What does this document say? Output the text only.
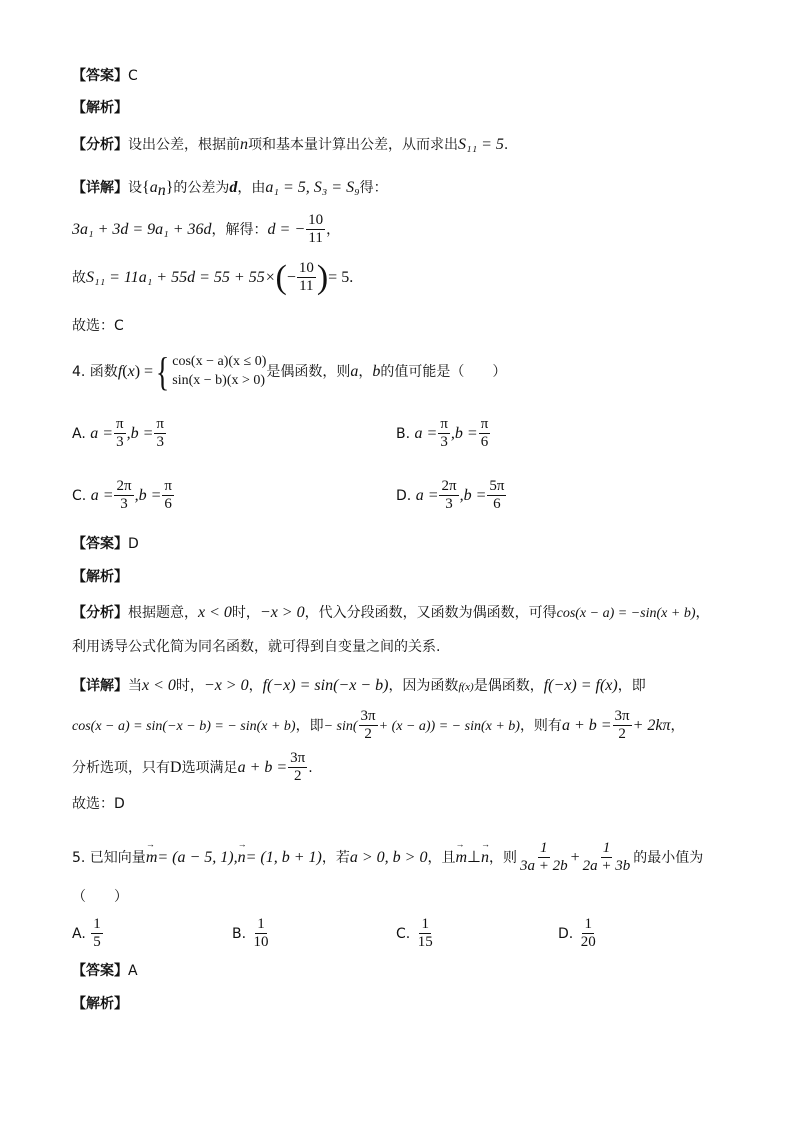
【答案】C
【解析】
【分析】设出公差，根据前n项和基本量计算出公差，从而求出S₁₁ = 5.
【详解】设$\{a_n\}$的公差为d，由a₁ = 5, S₃ = S₉得：
3a₁ + 3d = 9a₁ + 36d，解得：d = − $\frac{10}{11}$ ，
故$S_{11} = 11a_1 + 55d = 55 + 55\times(- \frac{10}{11}$ )= 5.
故选：C
4. 函数f(x) ={ cos(x − a)(x ≤ 0)
sin(x − b)(x > 0)
是偶函数，则a，b的值可能是（　　）
A. $a = \frac{\pi}{3} ,b = \frac{\pi}{3}$	B. $a = \frac{\pi}{3} ,b = \frac{\pi}{6}$
C. $a = \frac{2\pi}{3} ,b = \frac{\pi}{6}$	D. $a = \frac{2\pi}{3} ,b = \frac{5\pi}{6}$
【答案】D
【解析】
【分析】根据题意，x < 0时，−x > 0，代入分段函数，又函数为偶函数，可得cos(x − a) = −sin(x + b)，
利用诱导公式化简为同名函数，就可得到自变量之间的关系.
【详解】当x < 0时，−x > 0，f(−x) = sin(−x − b)，因为函数f(x)是偶函数，f(−x) = f(x)，即
cos(x − a) = sin(−x − b) = − sin(x + b)，即− $\sin( \frac{3\pi}{2} + (x - a))$ = − sin(x + b)，则有$a + b = \frac{3\pi}{2} + 2k\pi$，
分析选项，只有D选项满足$a + b = \frac{3\pi}{2}$ .
故选：D
5. 已知向量→ m= (a − 5, 1),→ n= (1, b + 1)，若a > 0, b > 0，且→ m⊥→ n，则 $\frac{1}{3a + 2b} + \frac{1}{2a + 3b}$ 的最小值为
（　　）
A. $\frac{1}{5}$	B. $\frac{1}{10}$	C. $\frac{1}{15}$	D. $\frac{1}{20}$
【答案】A
【解析】
